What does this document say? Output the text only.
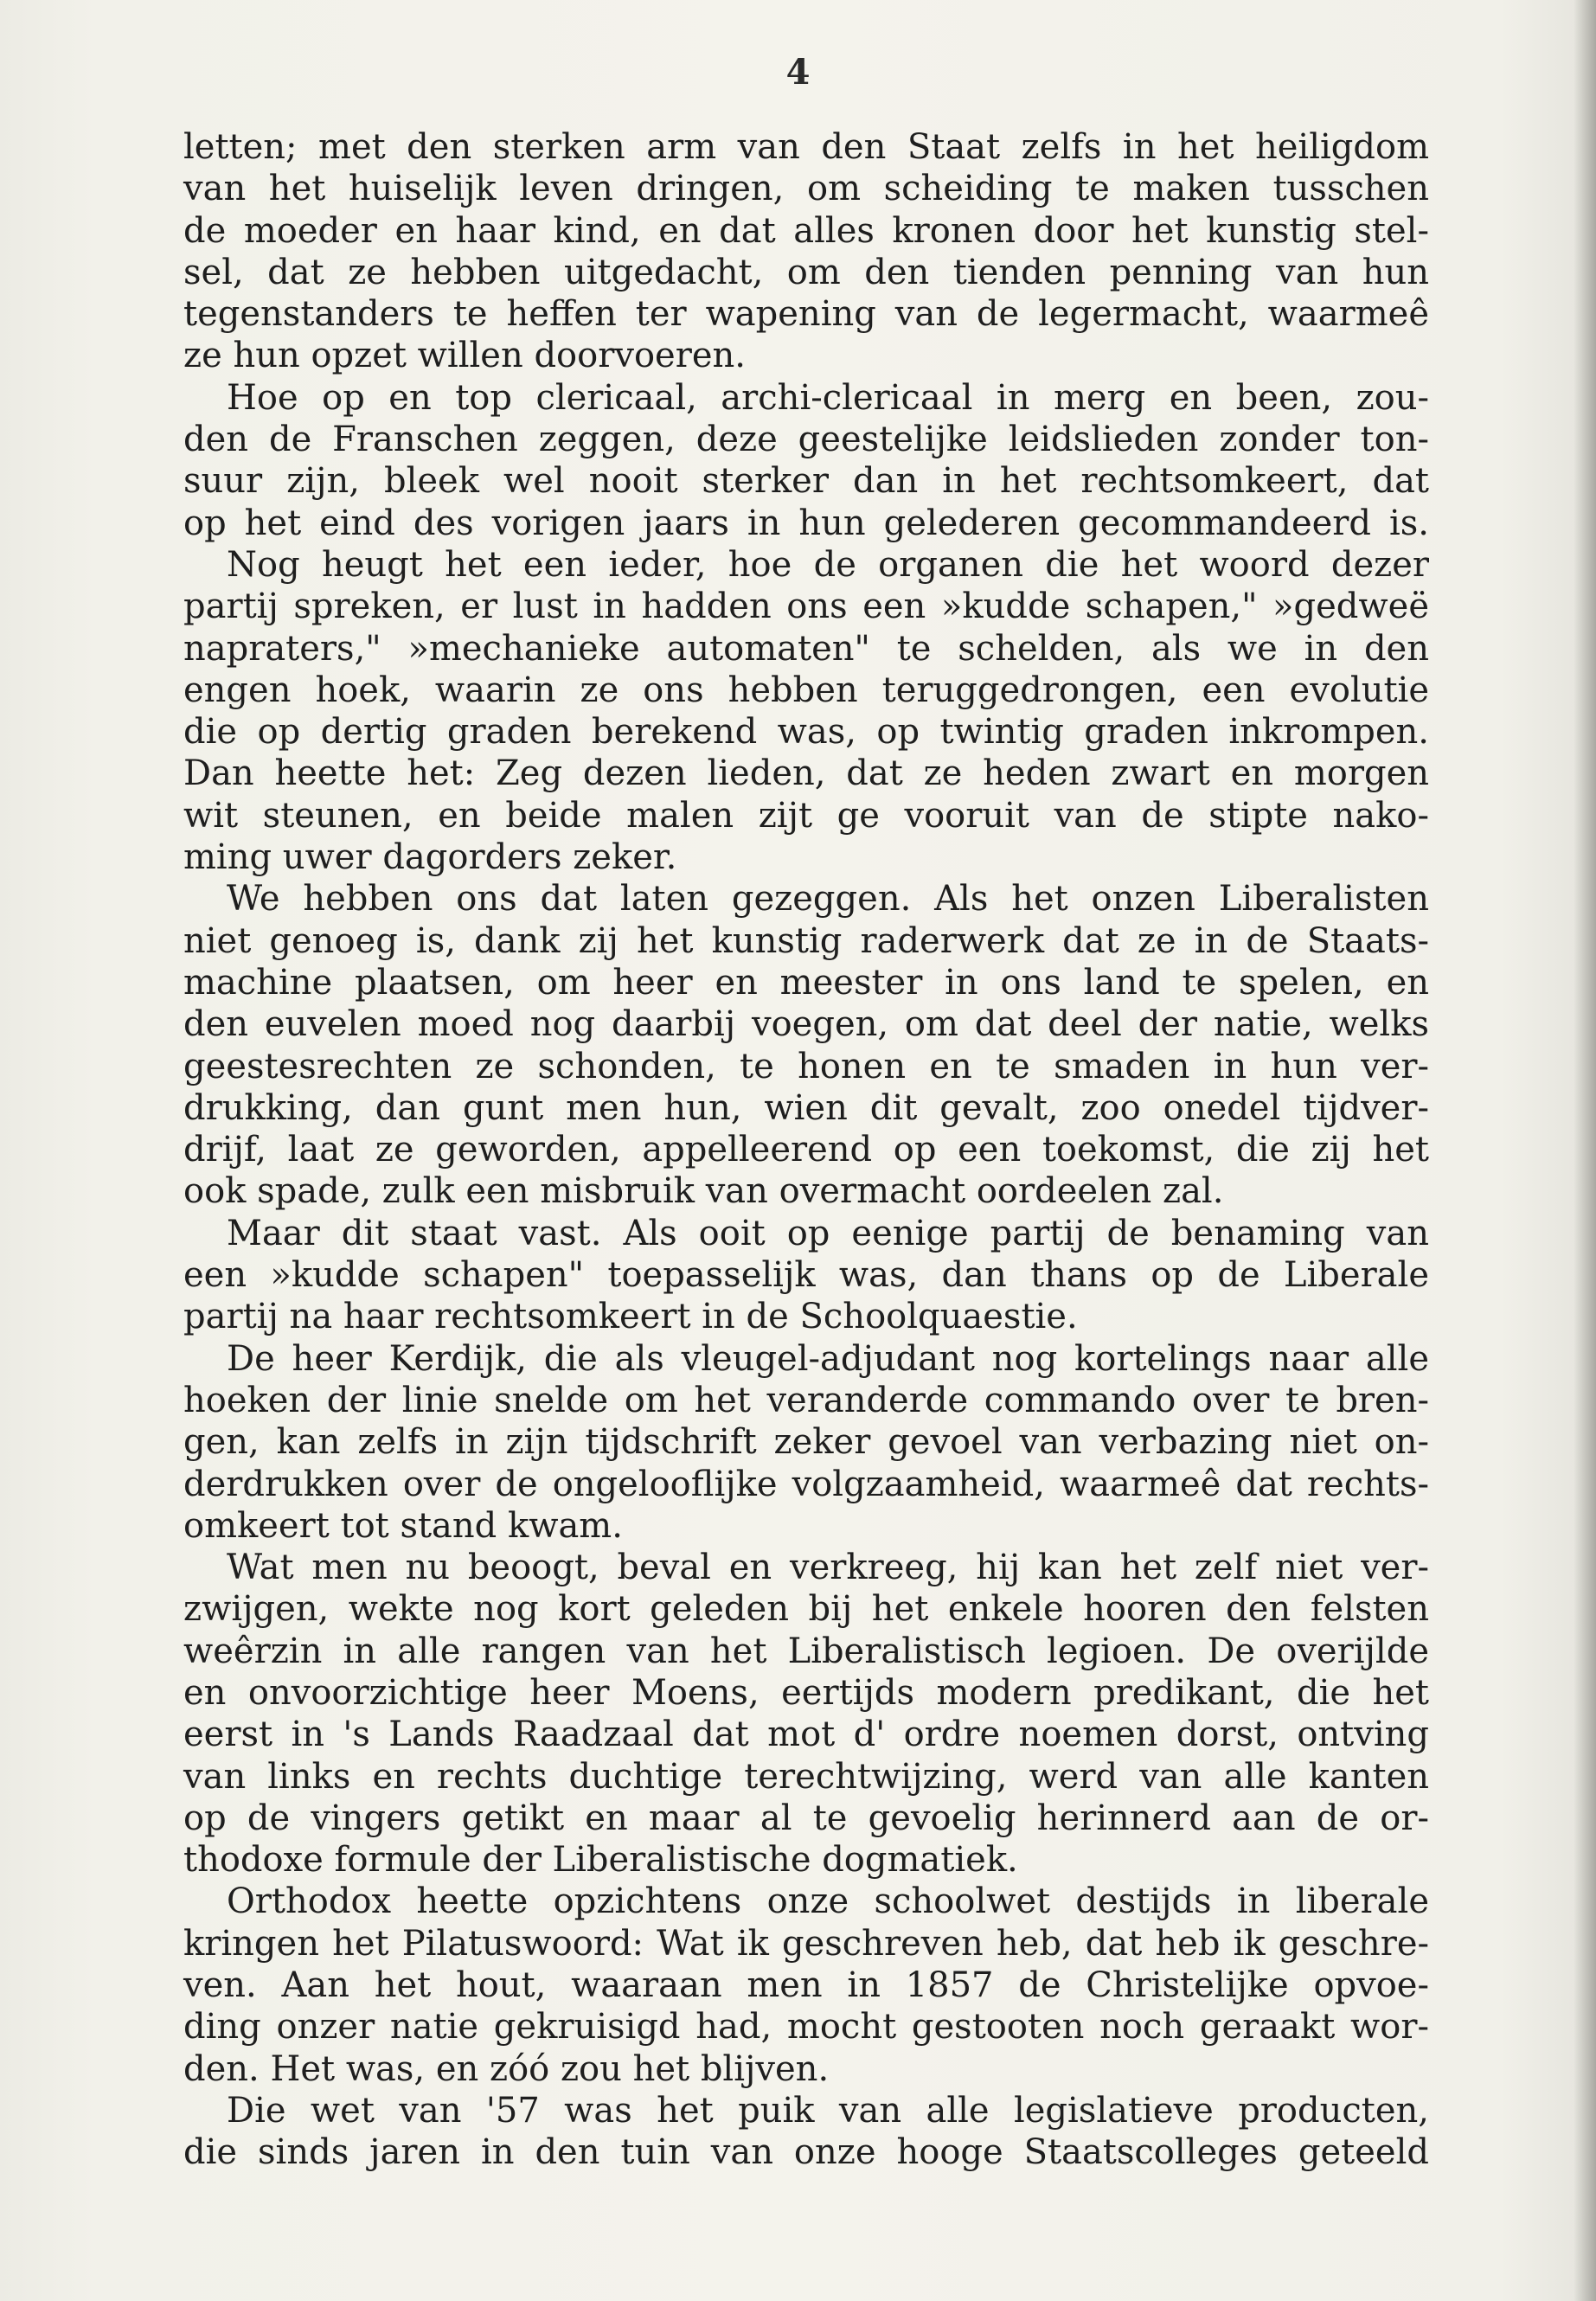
4

letten; met den sterken arm van den Staat zelfs in het heiligdom
van het huiselijk leven dringen, om scheiding te maken tusschen
de moeder en haar kind, en dat alles kronen door het kunstig stel-
sel, dat ze hebben uitgedacht, om den tienden penning van hun
tegenstanders te heffen ter wapening van de legermacht, waarmeê
ze hun opzet willen doorvoeren.
Hoe op en top clericaal, archi-clericaal in merg en been, zou-
den de Franschen zeggen, deze geestelijke leidslieden zonder ton-
suur zijn, bleek wel nooit sterker dan in het rechtsomkeert, dat
op het eind des vorigen jaars in hun gelederen gecommandeerd is.
Nog heugt het een ieder, hoe de organen die het woord dezer
partij spreken, er lust in hadden ons een »kudde schapen," »gedweë
napraters," »mechanieke automaten" te schelden, als we in den
engen hoek, waarin ze ons hebben teruggedrongen, een evolutie
die op dertig graden berekend was, op twintig graden inkrompen.
Dan heette het: Zeg dezen lieden, dat ze heden zwart en morgen
wit steunen, en beide malen zijt ge vooruit van de stipte nako-
ming uwer dagorders zeker.
We hebben ons dat laten gezeggen. Als het onzen Liberalisten
niet genoeg is, dank zij het kunstig raderwerk dat ze in de Staats-
machine plaatsen, om heer en meester in ons land te spelen, en
den euvelen moed nog daarbij voegen, om dat deel der natie, welks
geestesrechten ze schonden, te honen en te smaden in hun ver-
drukking, dan gunt men hun, wien dit gevalt, zoo onedel tijdver-
drijf, laat ze geworden, appelleerend op een toekomst, die zij het
ook spade, zulk een misbruik van overmacht oordeelen zal.
Maar dit staat vast. Als ooit op eenige partij de benaming van
een »kudde schapen" toepasselijk was, dan thans op de Liberale
partij na haar rechtsomkeert in de Schoolquaestie.
De heer Kerdijk, die als vleugel-adjudant nog kortelings naar alle
hoeken der linie snelde om het veranderde commando over te bren-
gen, kan zelfs in zijn tijdschrift zeker gevoel van verbazing niet on-
derdrukken over de ongelooflijke volgzaamheid, waarmeê dat rechts-
omkeert tot stand kwam.
Wat men nu beoogt, beval en verkreeg, hij kan het zelf niet ver-
zwijgen, wekte nog kort geleden bij het enkele hooren den felsten
weêrzin in alle rangen van het Liberalistisch legioen. De overijlde
en onvoorzichtige heer Moens, eertijds modern predikant, die het
eerst in 's Lands Raadzaal dat mot d' ordre noemen dorst, ontving
van links en rechts duchtige terechtwijzing, werd van alle kanten
op de vingers getikt en maar al te gevoelig herinnerd aan de or-
thodoxe formule der Liberalistische dogmatiek.
Orthodox heette opzichtens onze schoolwet destijds in liberale
kringen het Pilatuswoord: Wat ik geschreven heb, dat heb ik geschre-
ven. Aan het hout, waaraan men in 1857 de Christelijke opvoe-
ding onzer natie gekruisigd had, mocht gestooten noch geraakt wor-
den. Het was, en zóó zou het blijven.
Die wet van '57 was het puik van alle legislatieve producten,
die sinds jaren in den tuin van onze hooge Staatscolleges geteeld
